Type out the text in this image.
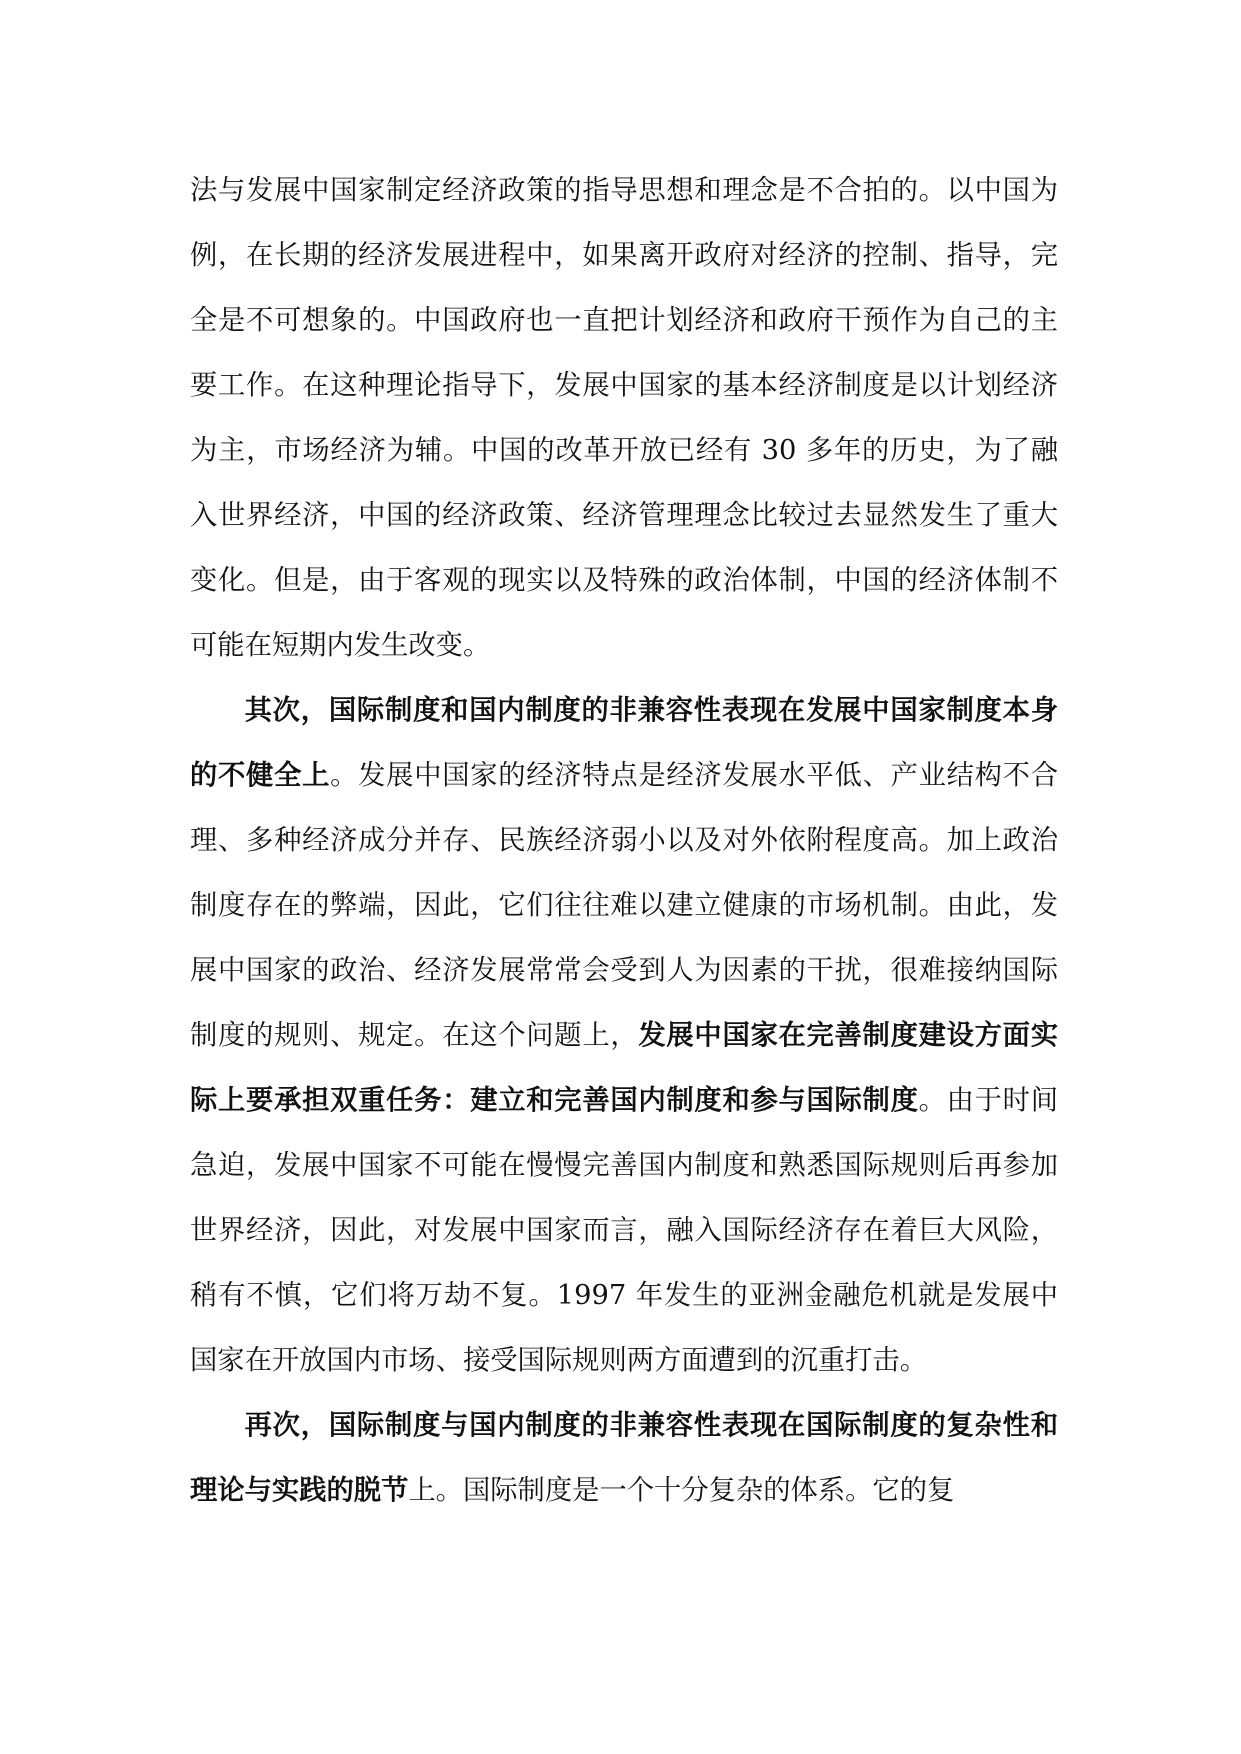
法与发展中国家制定经济政策的指导思想和理念是不合拍的。以中国为例，在长期的经济发展进程中，如果离开政府对经济的控制、指导，完全是不可想象的。中国政府也一直把计划经济和政府干预作为自己的主要工作。在这种理论指导下，发展中国家的基本经济制度是以计划经济为主，市场经济为辅。中国的改革开放已经有 30 多年的历史，为了融入世界经济，中国的经济政策、经济管理理念比较过去显然发生了重大变化。但是，由于客观的现实以及特殊的政治体制，中国的经济体制不可能在短期内发生改变。

其次，国际制度和国内制度的非兼容性表现在发展中国家制度本身的不健全上。发展中国家的经济特点是经济发展水平低、产业结构不合理、多种经济成分并存、民族经济弱小以及对外依附程度高。加上政治制度存在的弊端，因此，它们往往难以建立健康的市场机制。由此，发展中国家的政治、经济发展常常会受到人为因素的干扰，很难接纳国际制度的规则、规定。在这个问题上，发展中国家在完善制度建设方面实际上要承担双重任务：建立和完善国内制度和参与国际制度。由于时间急迫，发展中国家不可能在慢慢完善国内制度和熟悉国际规则后再参加世界经济，因此，对发展中国家而言，融入国际经济存在着巨大风险，稍有不慎，它们将万劫不复。1997 年发生的亚洲金融危机就是发展中国家在开放国内市场、接受国际规则两方面遭到的沉重打击。

再次，国际制度与国内制度的非兼容性表现在国际制度的复杂性和理论与实践的脱节上。国际制度是一个十分复杂的体系。它的复
